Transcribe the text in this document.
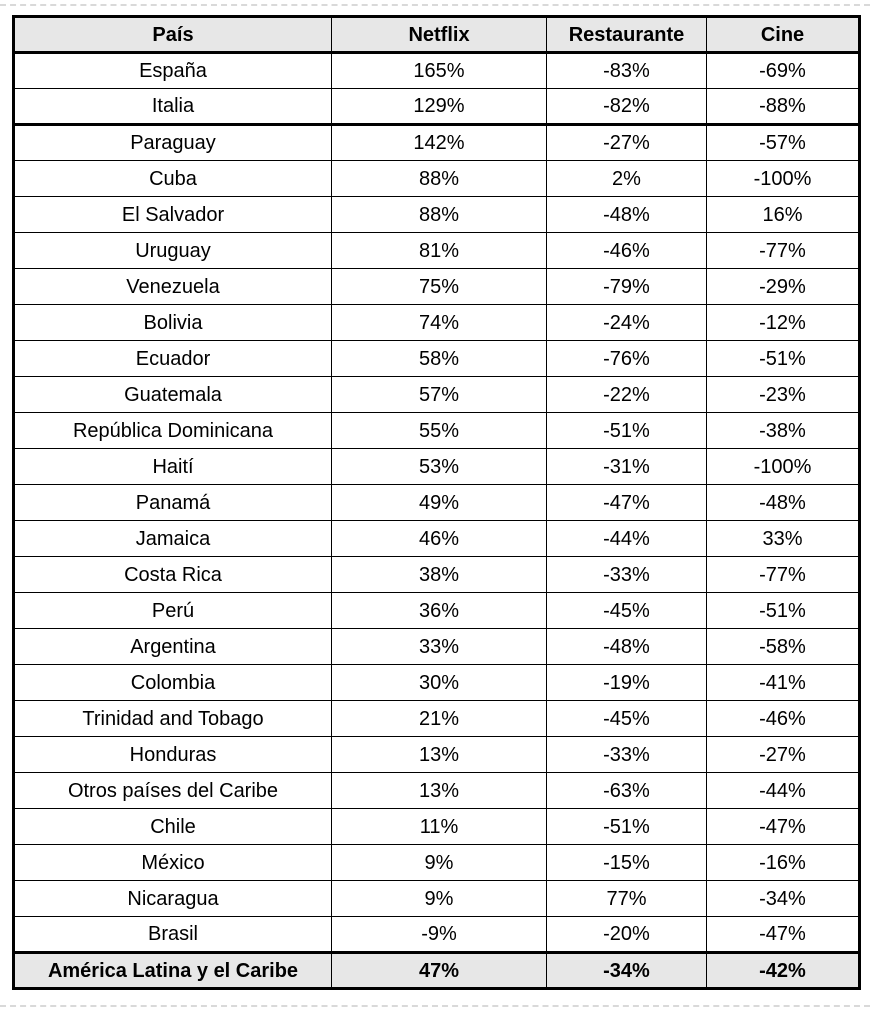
País	Netflix	Restaurante	Cine
España	165%	-83%	-69%
Italia	129%	-82%	-88%
Paraguay	142%	-27%	-57%
Cuba	88%	2%	-100%
El Salvador	88%	-48%	16%
Uruguay	81%	-46%	-77%
Venezuela	75%	-79%	-29%
Bolivia	74%	-24%	-12%
Ecuador	58%	-76%	-51%
Guatemala	57%	-22%	-23%
República Dominicana	55%	-51%	-38%
Haití	53%	-31%	-100%
Panamá	49%	-47%	-48%
Jamaica	46%	-44%	33%
Costa Rica	38%	-33%	-77%
Perú	36%	-45%	-51%
Argentina	33%	-48%	-58%
Colombia	30%	-19%	-41%
Trinidad and Tobago	21%	-45%	-46%
Honduras	13%	-33%	-27%
Otros países del Caribe	13%	-63%	-44%
Chile	11%	-51%	-47%
México	9%	-15%	-16%
Nicaragua	9%	77%	-34%
Brasil	-9%	-20%	-47%
América Latina y el Caribe	47%	-34%	-42%
